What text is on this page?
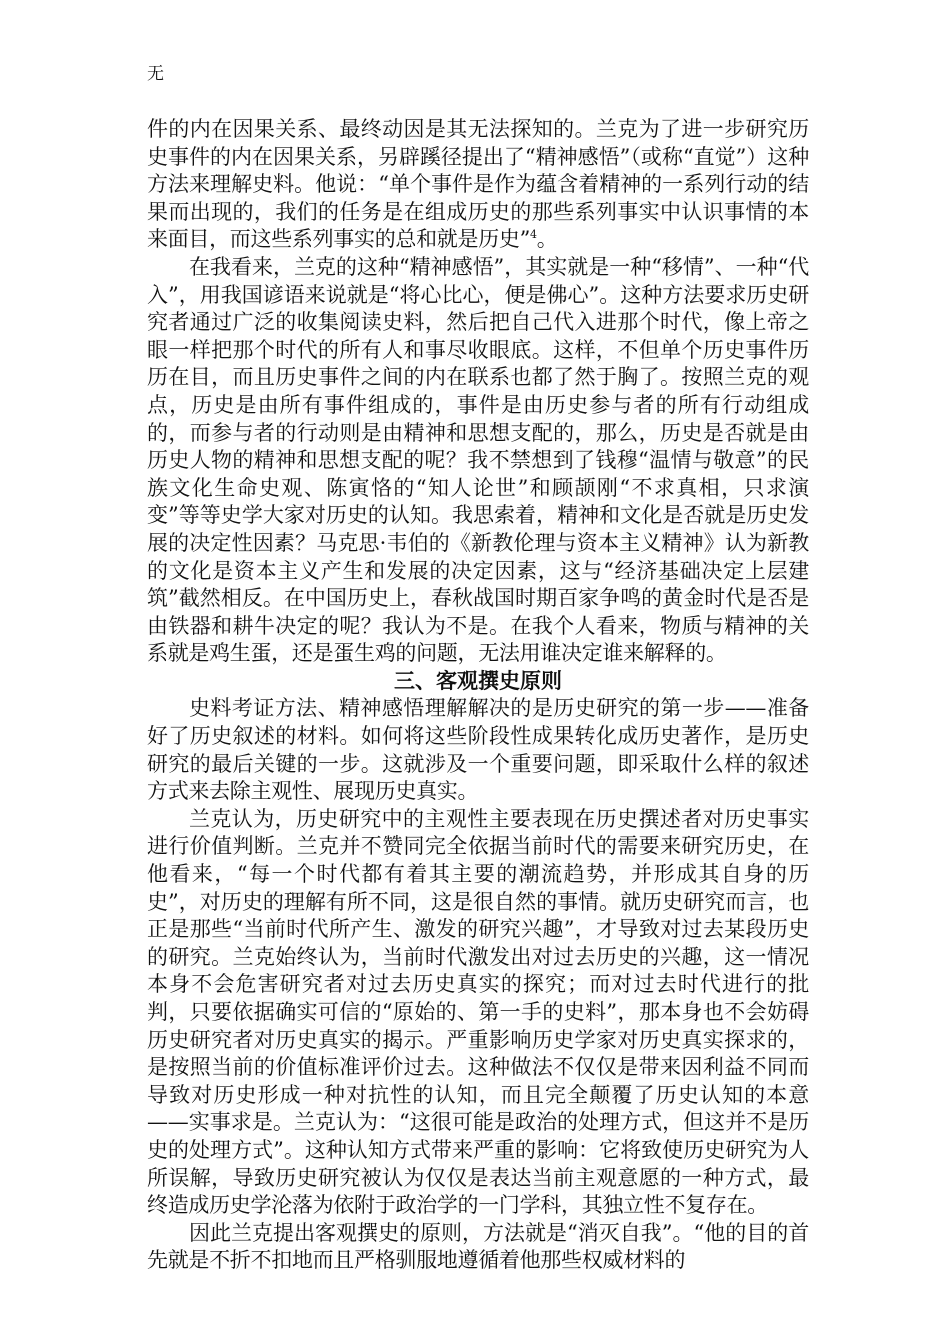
无

件的内在因果关系、最终动因是其无法探知的。兰克为了进一步研究历史事件的内在因果关系，另辟蹊径提出了“精神感悟”（或称“直觉”）这种方法来理解史料。他说：“单个事件是作为蕴含着精神的一系列行动的结果而出现的，我们的任务是在组成历史的那些系列事实中认识事情的本来面目，而这些系列事实的总和就是历史”$^4$。

在我看来，兰克的这种“精神感悟”，其实就是一种“移情”、一种“代入”，用我国谚语来说就是“将心比心，便是佛心”。这种方法要求历史研究者通过广泛的收集阅读史料，然后把自己代入进那个时代，像上帝之眼一样把那个时代的所有人和事尽收眼底。这样，不但单个历史事件历历在目，而且历史事件之间的内在联系也都了然于胸了。按照兰克的观点，历史是由所有事件组成的，事件是由历史参与者的所有行动组成的，而参与者的行动则是由精神和思想支配的，那么，历史是否就是由历史人物的精神和思想支配的呢？我不禁想到了钱穆“温情与敬意”的民族文化生命史观、陈寅恪的“知人论世”和顾颉刚“不求真相，只求演变”等等史学大家对历史的认知。我思索着，精神和文化是否就是历史发展的决定性因素？马克思·韦伯的《新教伦理与资本主义精神》认为新教的文化是资本主义产生和发展的决定因素，这与“经济基础决定上层建筑”截然相反。在中国历史上，春秋战国时期百家争鸣的黄金时代是否是由铁器和耕牛决定的呢？我认为不是。在我个人看来，物质与精神的关系就是鸡生蛋，还是蛋生鸡的问题，无法用谁决定谁来解释的。

三、客观撰史原则

史料考证方法、精神感悟理解解决的是历史研究的第一步——准备好了历史叙述的材料。如何将这些阶段性成果转化成历史著作，是历史研究的最后关键的一步。这就涉及一个重要问题，即采取什么样的叙述方式来去除主观性、展现历史真实。

兰克认为，历史研究中的主观性主要表现在历史撰述者对历史事实进行价值判断。兰克并不赞同完全依据当前时代的需要来研究历史，在他看来，“每一个时代都有着其主要的潮流趋势，并形成其自身的历史”，对历史的理解有所不同，这是很自然的事情。就历史研究而言，也正是那些“当前时代所产生、激发的研究兴趣”，才导致对过去某段历史的研究。兰克始终认为，当前时代激发出对过去历史的兴趣，这一情况本身不会危害研究者对过去历史真实的探究；而对过去时代进行的批判，只要依据确实可信的“原始的、第一手的史料”，那本身也不会妨碍历史研究者对历史真实的揭示。严重影响历史学家对历史真实探求的，是按照当前的价值标准评价过去。这种做法不仅仅是带来因利益不同而导致对历史形成一种对抗性的认知，而且完全颠覆了历史认知的本意——实事求是。兰克认为：“这很可能是政治的处理方式，但这并不是历史的处理方式”。这种认知方式带来严重的影响：它将致使历史研究为人所误解，导致历史研究被认为仅仅是表达当前主观意愿的一种方式，最终造成历史学沦落为依附于政治学的一门学科，其独立性不复存在。

因此兰克提出客观撰史的原则，方法就是“消灭自我”。“他的目的首先就是不折不扣地而且严格驯服地遵循着他那些权威材料的
